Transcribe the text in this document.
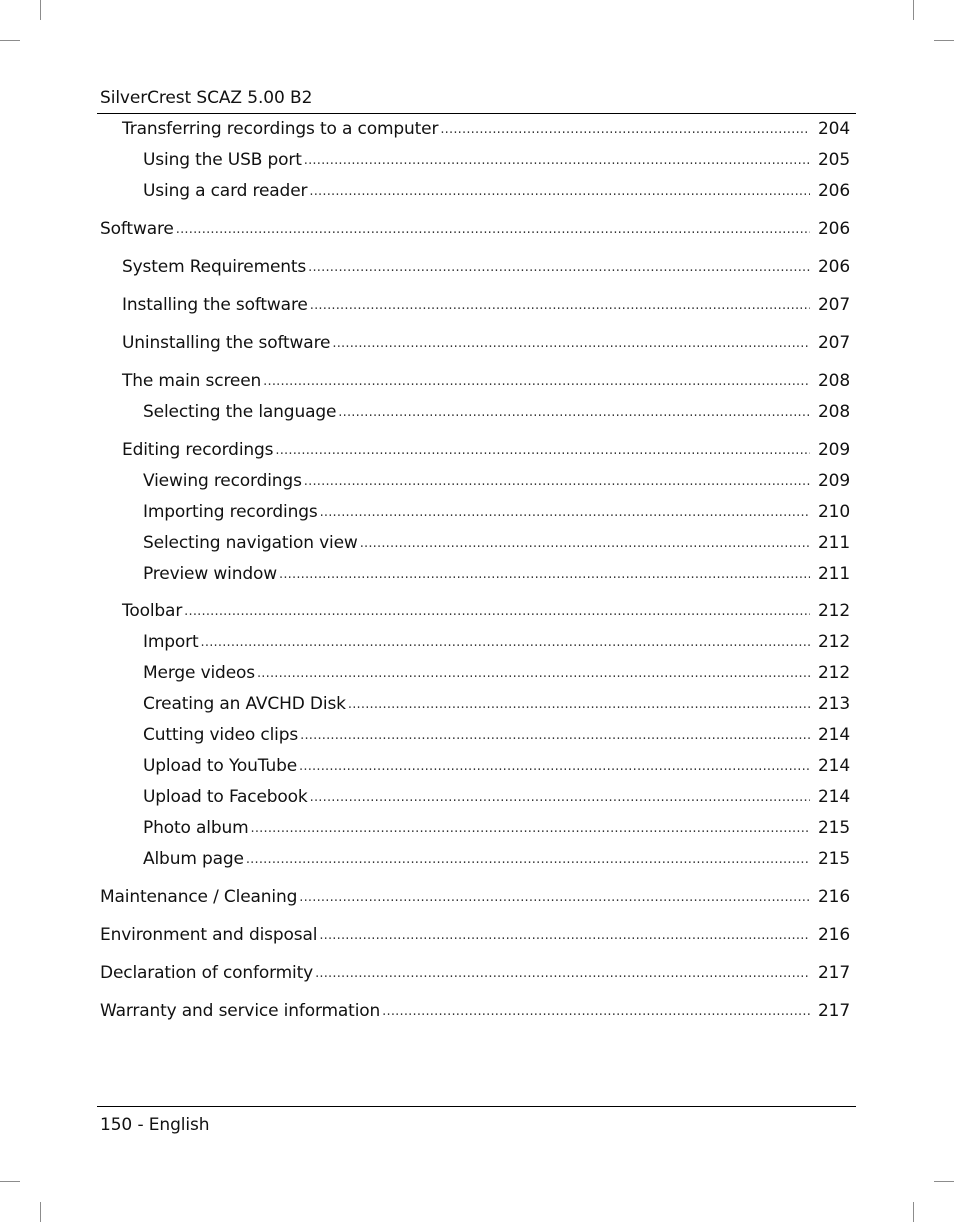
SilverCrest SCAZ 5.00 B2
Transferring recordings to a computer .....	204
Using the USB port .....	205
Using a card reader .....	206
Software .....	206
System Requirements .....	206
Installing the software .....	207
Uninstalling the software .....	207
The main screen .....	208
Selecting the language .....	208
Editing recordings .....	209
Viewing recordings .....	209
Importing recordings .....	210
Selecting navigation view .....	211
Preview window .....	211
Toolbar .....	212
Import .....	212
Merge videos .....	212
Creating an AVCHD Disk .....	213
Cutting video clips .....	214
Upload to YouTube .....	214
Upload to Facebook .....	214
Photo album .....	215
Album page .....	215
Maintenance / Cleaning .....	216
Environment and disposal .....	216
Declaration of conformity .....	217
Warranty and service information .....	217
150 - English
